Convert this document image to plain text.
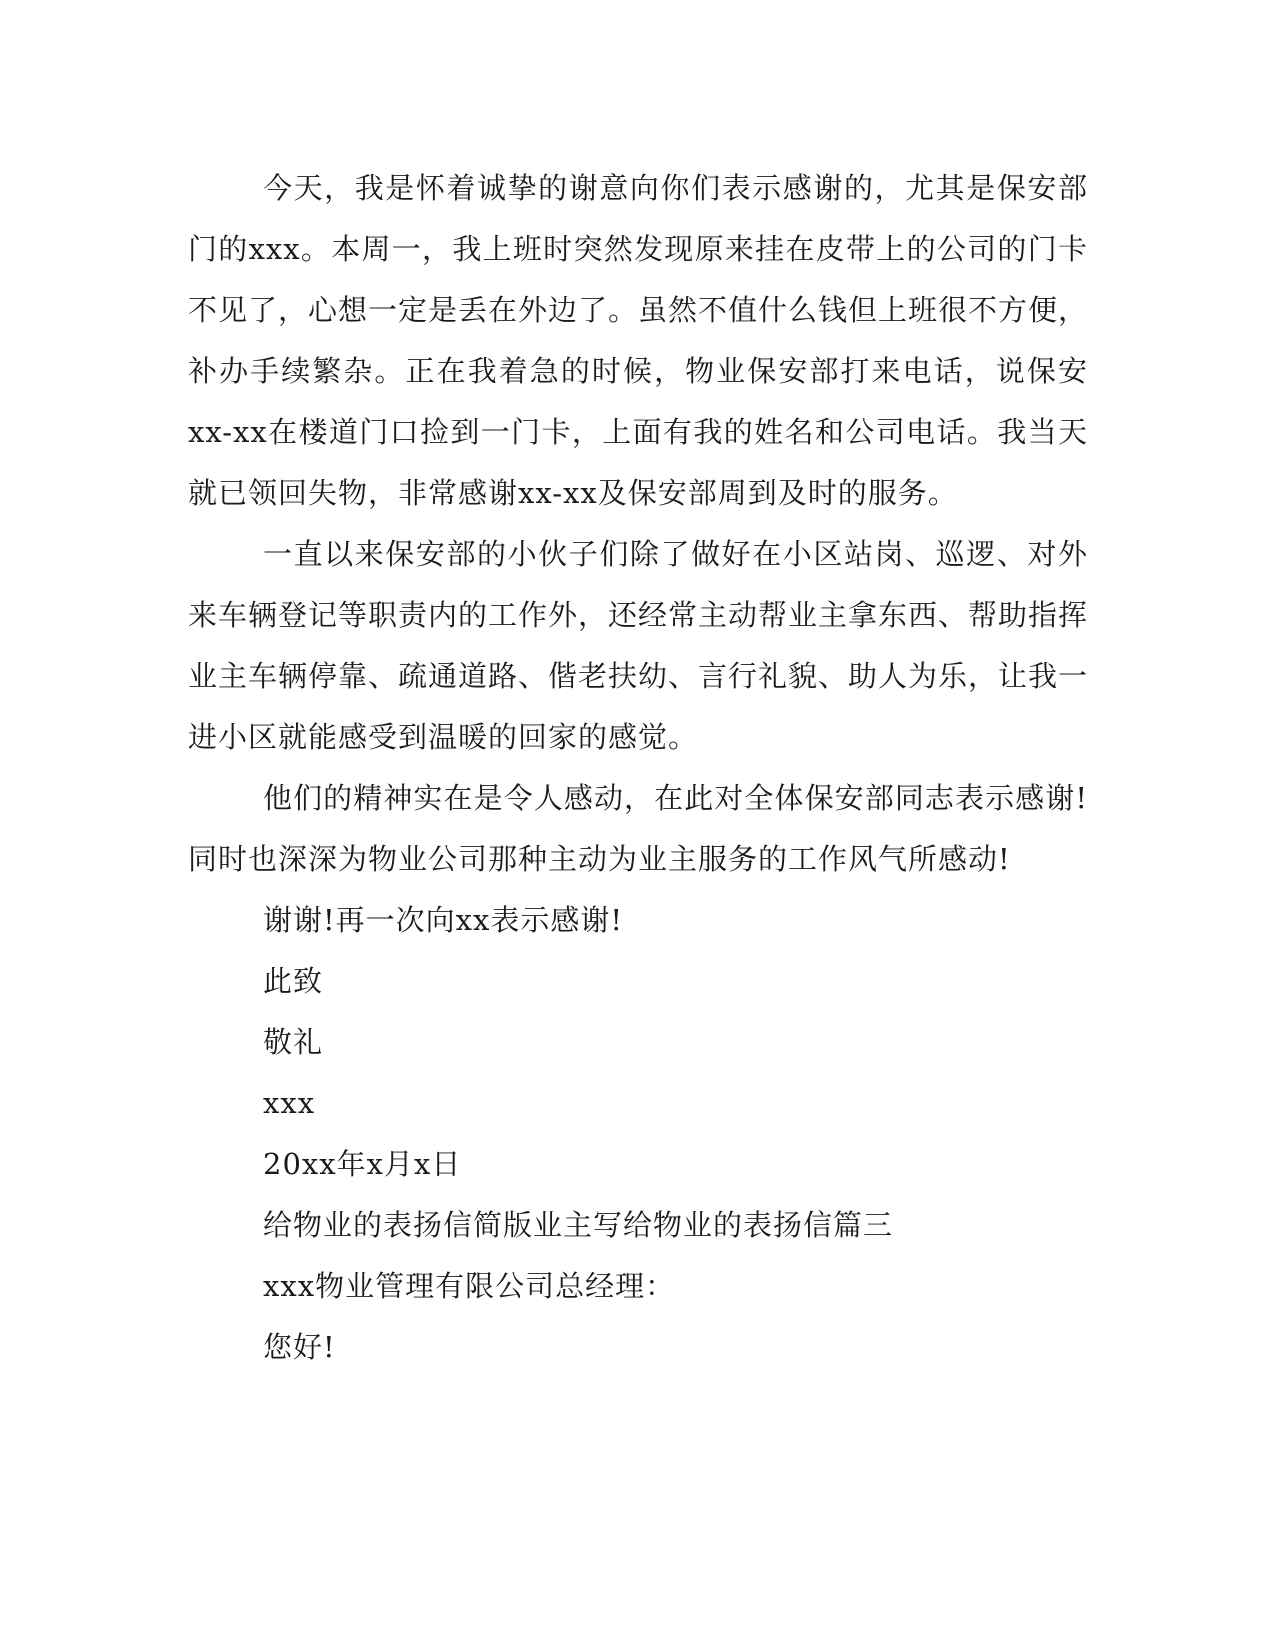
今天，我是怀着诚挚的谢意向你们表示感谢的，尤其是保安部门的xxx。本周一，我上班时突然发现原来挂在皮带上的公司的门卡不见了，心想一定是丢在外边了。虽然不值什么钱但上班很不方便，补办手续繁杂。正在我着急的时候，物业保安部打来电话，说保安xx-xx在楼道门口捡到一门卡，上面有我的姓名和公司电话。我当天就已领回失物，非常感谢xx-xx及保安部周到及时的服务。

一直以来保安部的小伙子们除了做好在小区站岗、巡逻、对外来车辆登记等职责内的工作外，还经常主动帮业主拿东西、帮助指挥业主车辆停靠、疏通道路、偕老扶幼、言行礼貌、助人为乐，让我一进小区就能感受到温暖的回家的感觉。

他们的精神实在是令人感动，在此对全体保安部同志表示感谢!同时也深深为物业公司那种主动为业主服务的工作风气所感动!

谢谢!再一次向xx表示感谢!

此致

敬礼

xxx

20xx年x月x日

给物业的表扬信简版业主写给物业的表扬信篇三

xxx物业管理有限公司总经理：

您好!
